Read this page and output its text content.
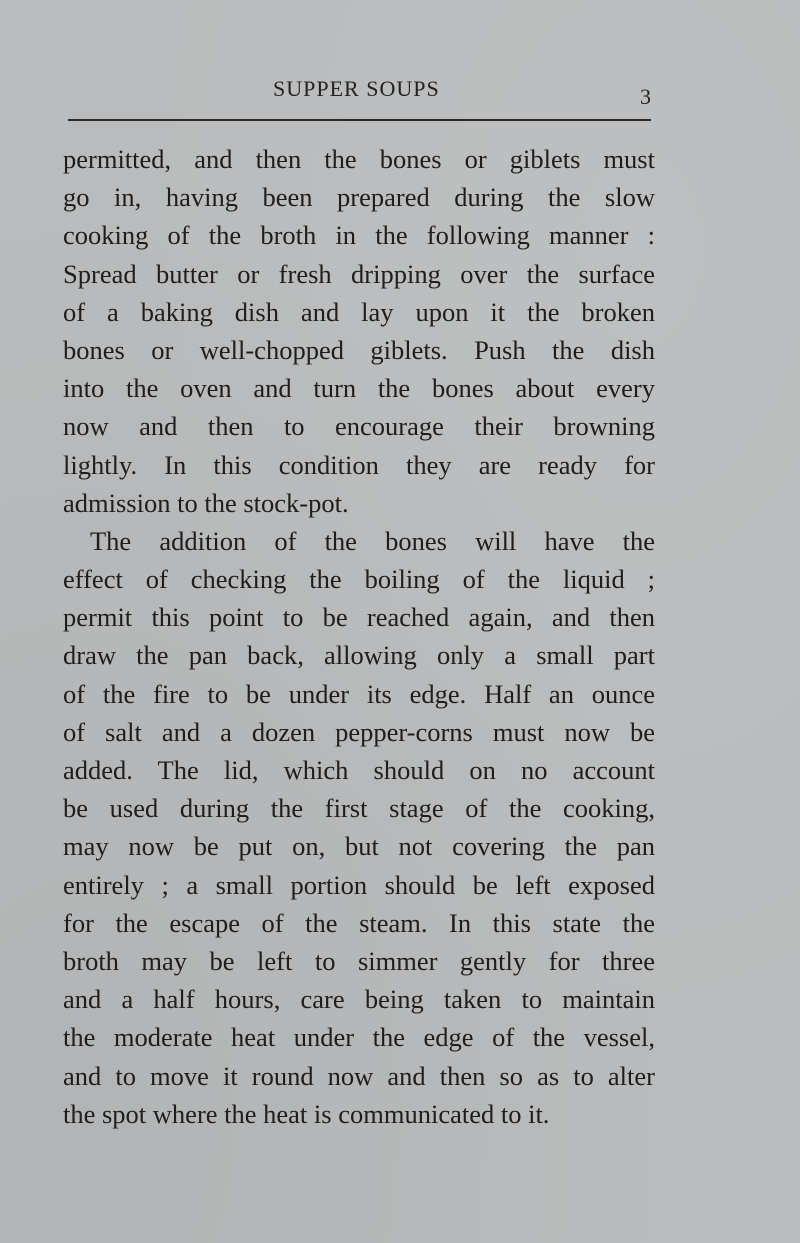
SUPPER SOUPS	3
permitted, and then the bones or giblets must
go in, having been prepared during the slow
cooking of the broth in the following manner :
Spread butter or fresh dripping over the surface
of a baking dish and lay upon it the broken
bones or well-chopped giblets. Push the dish
into the oven and turn the bones about every
now and then to encourage their browning
lightly. In this condition they are ready for
admission to the stock-pot.
The addition of the bones will have the
effect of checking the boiling of the liquid ;
permit this point to be reached again, and then
draw the pan back, allowing only a small part
of the fire to be under its edge. Half an ounce
of salt and a dozen pepper-corns must now be
added. The lid, which should on no account
be used during the first stage of the cooking,
may now be put on, but not covering the pan
entirely ; a small portion should be left exposed
for the escape of the steam. In this state the
broth may be left to simmer gently for three
and a half hours, care being taken to maintain
the moderate heat under the edge of the vessel,
and to move it round now and then so as to alter
the spot where the heat is communicated to it.
